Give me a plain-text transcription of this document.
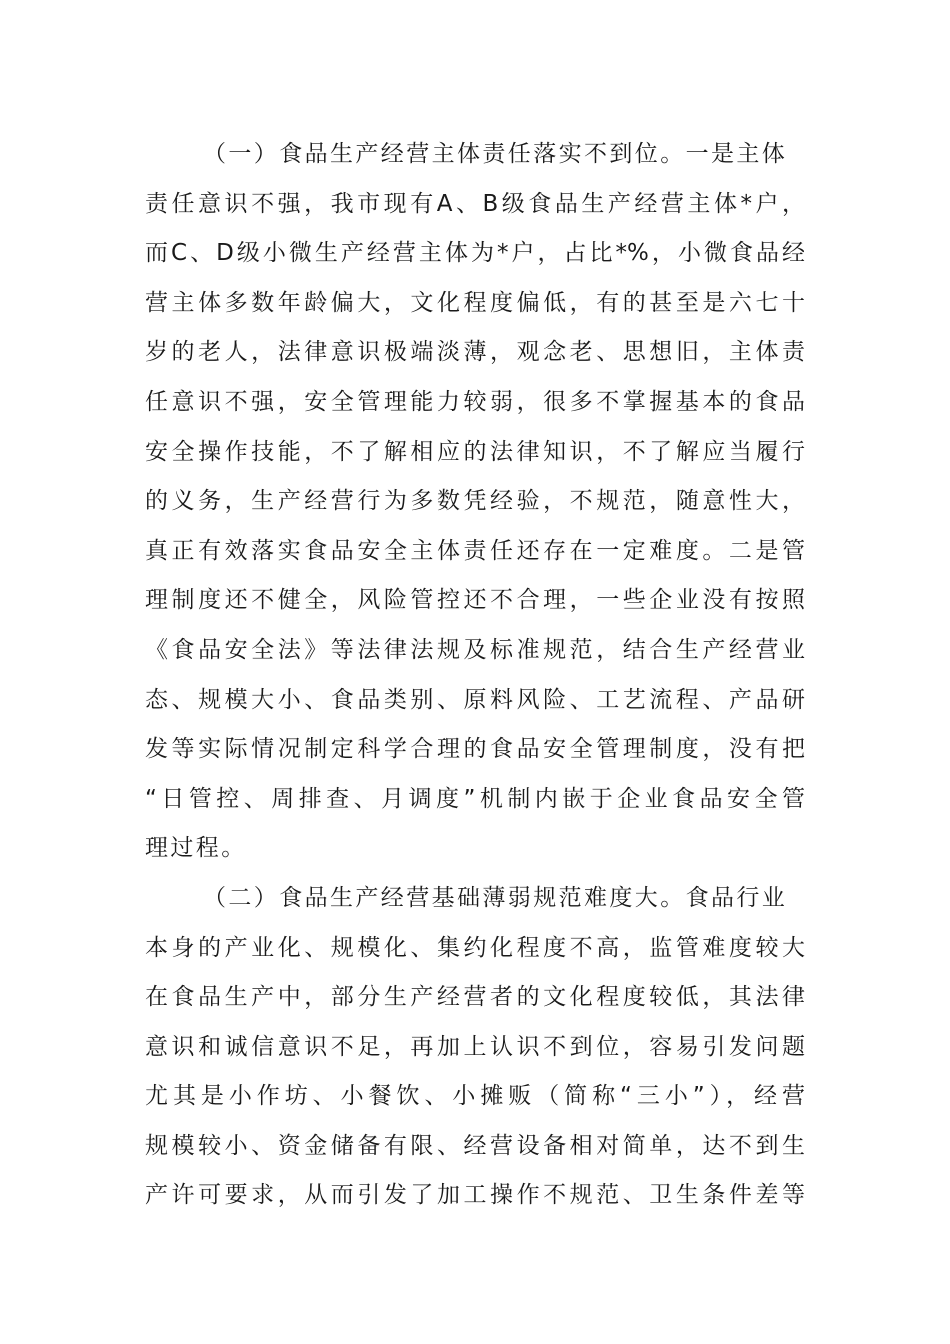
（一）食品生产经营主体责任落实不到位。一是主体
责任意识不强，我市现有A、B级食品生产经营主体*户，
而C、D级小微生产经营主体为*户，占比*%，小微食品经
营主体多数年龄偏大，文化程度偏低，有的甚至是六七十
岁的老人，法律意识极端淡薄，观念老、思想旧，主体责
任意识不强，安全管理能力较弱，很多不掌握基本的食品
安全操作技能，不了解相应的法律知识，不了解应当履行
的义务，生产经营行为多数凭经验，不规范，随意性大，
真正有效落实食品安全主体责任还存在一定难度。二是管
理制度还不健全，风险管控还不合理，一些企业没有按照
《食品安全法》等法律法规及标准规范，结合生产经营业
态、规模大小、食品类别、原料风险、工艺流程、产品研
发等实际情况制定科学合理的食品安全管理制度，没有把
“日管控、周排查、月调度”机制内嵌于企业食品安全管
理过程。
（二）食品生产经营基础薄弱规范难度大。食品行业
本身的产业化、规模化、集约化程度不高，监管难度较大
在食品生产中，部分生产经营者的文化程度较低，其法律
意识和诚信意识不足，再加上认识不到位，容易引发问题
尤其是小作坊、小餐饮、小摊贩（简称“三小”），经营
规模较小、资金储备有限、经营设备相对简单，达不到生
产许可要求，从而引发了加工操作不规范、卫生条件差等
